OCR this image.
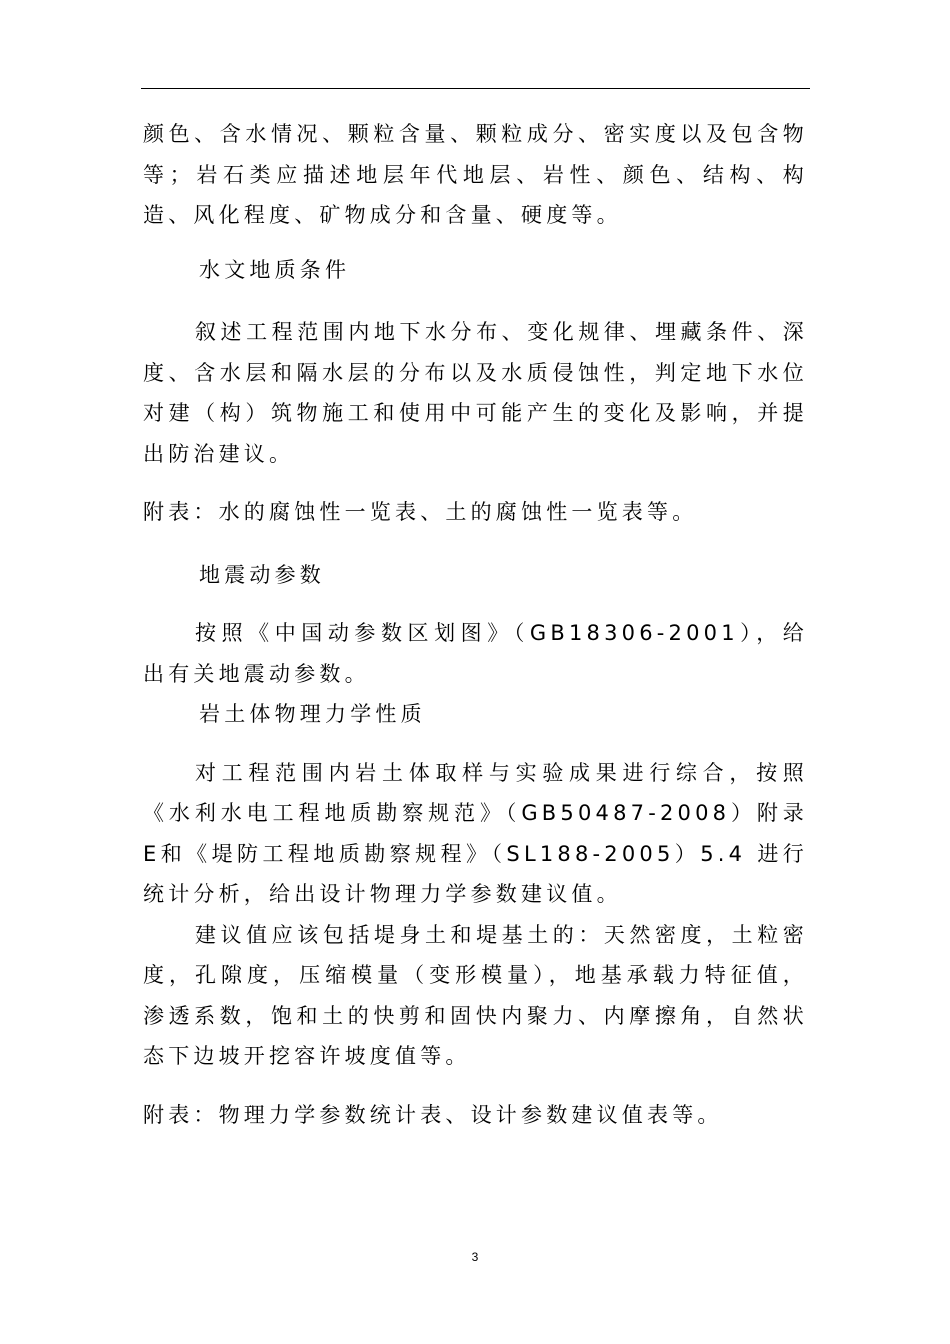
颜色、含水情况、颗粒含量、颗粒成分、密实度以及包含物等；岩石类应描述地层年代地层、岩性、颜色、结构、构造、风化程度、矿物成分和含量、硬度等。

水文地质条件

叙述工程范围内地下水分布、变化规律、埋藏条件、深度、含水层和隔水层的分布以及水质侵蚀性，判定地下水位对建（构）筑物施工和使用中可能产生的变化及影响，并提出防治建议。

附表：水的腐蚀性一览表、土的腐蚀性一览表等。

地震动参数

按照《中国动参数区划图》（GB18306-2001），给出有关地震动参数。

岩土体物理力学性质

对工程范围内岩土体取样与实验成果进行综合，按照《水利水电工程地质勘察规范》（GB50487-2008）附录E和《堤防工程地质勘察规程》（SL188-2005）5.4 进行统计分析，给出设计物理力学参数建议值。

建议值应该包括堤身土和堤基土的：天然密度，土粒密度，孔隙度，压缩模量（变形模量），地基承载力特征值，渗透系数，饱和土的快剪和固快内聚力、内摩擦角，自然状态下边坡开挖容许坡度值等。

附表：物理力学参数统计表、设计参数建议值表等。

3
